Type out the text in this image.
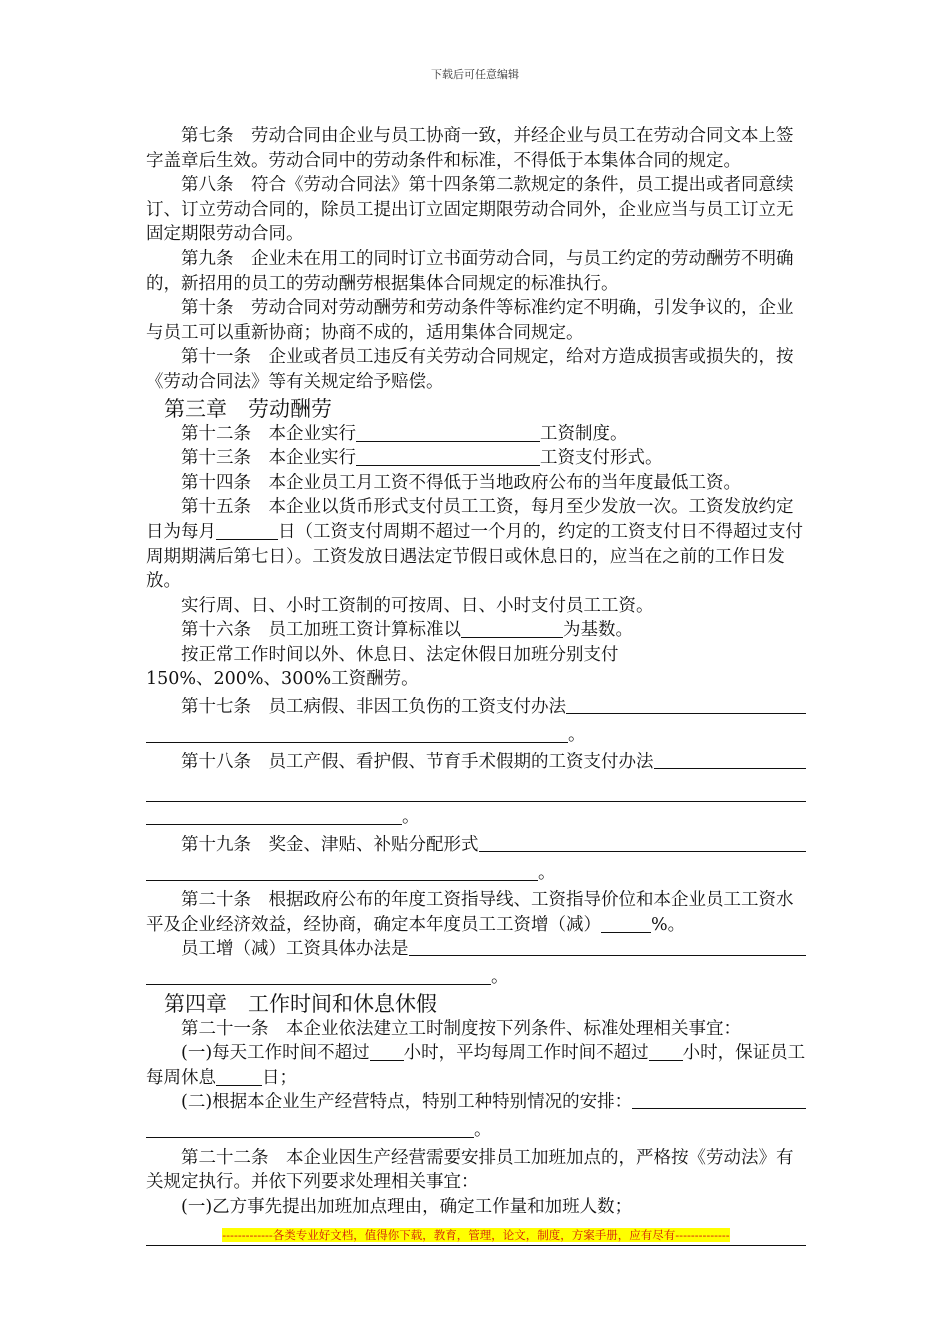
下载后可任意编辑

第七条　劳动合同由企业与员工协商一致，并经企业与员工在劳动合同文本上签字盖章后生效。劳动合同中的劳动条件和标准，不得低于本集体合同的规定。

第八条　符合《劳动合同法》第十四条第二款规定的条件，员工提出或者同意续订、订立劳动合同的，除员工提出订立固定期限劳动合同外，企业应当与员工订立无固定期限劳动合同。

第九条　企业未在用工的同时订立书面劳动合同，与员工约定的劳动酬劳不明确的，新招用的员工的劳动酬劳根据集体合同规定的标准执行。

第十条　劳动合同对劳动酬劳和劳动条件等标准约定不明确，引发争议的，企业与员工可以重新协商；协商不成的，适用集体合同规定。

第十一条　企业或者员工违反有关劳动合同规定，给对方造成损害或损失的，按《劳动合同法》等有关规定给予赔偿。

第三章　劳动酬劳

第十二条　本企业实行	工资制度。

第十三条　本企业实行	工资支付形式。

第十四条　本企业员工月工资不得低于当地政府公布的当年度最低工资。

第十五条　本企业以货币形式支付员工工资，每月至少发放一次。工资发放约定日为每月	日（工资支付周期不超过一个月的，约定的工资支付日不得超过支付周期期满后第七日）。工资发放日遇法定节假日或休息日的，应当在之前的工作日发放。

实行周、日、小时工资制的可按周、日、小时支付员工工资。

第十六条　员工加班工资计算标准以	为基数。

按正常工作时间以外、休息日、法定休假日加班分别支付

150%、200%、300%工资酬劳。

第十七条　员工病假、非因工负伤的工资支付办法

。

第十八条　员工产假、看护假、节育手术假期的工资支付办法

。

第十九条　奖金、津贴、补贴分配形式

。

第二十条　根据政府公布的年度工资指导线、工资指导价位和本企业员工工资水平及企业经济效益，经协商，确定本年度员工工资增（减）	%。

员工增（减）工资具体办法是

。

第四章　工作时间和休息休假

第二十一条　本企业依法建立工时制度按下列条件、标准处理相关事宜：

(一)每天工作时间不超过 小时，平均每周工作时间不超过 小时，保证员工每周休息	日；

(二)根据本企业生产经营特点，特别工种特别情况的安排：

。

第二十二条　本企业因生产经营需要安排员工加班加点的，严格按《劳动法》有关规定执行。并依下列要求处理相关事宜：

(一)乙方事先提出加班加点理由，确定工作量和加班人数；

-------------各类专业好文档，值得你下载，教育，管理，论文，制度，方案手册，应有尽有--------------
